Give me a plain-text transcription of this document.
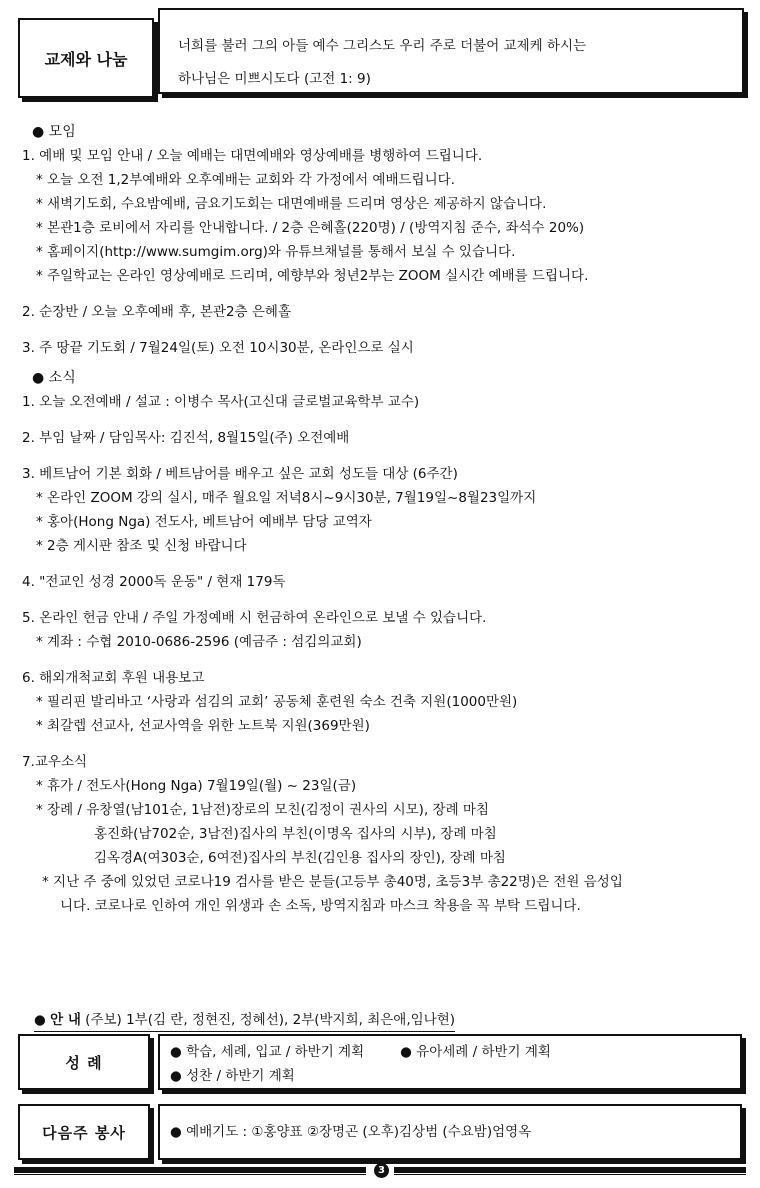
교제와 나눔
너희를 불러 그의 아들 예수 그리스도 우리 주로 더불어 교제케 하시는
하나님은 미쁘시도다 (고전 1: 9)
● 모임
1. 예배 및 모임 안내 / 오늘 예배는 대면예배와 영상예배를 병행하여 드립니다.
* 오늘 오전 1,2부예배와 오후예배는 교회와 각 가정에서 예배드립니다.
* 새벽기도회, 수요밤예배, 금요기도회는 대면예배를 드리며 영상은 제공하지 않습니다.
* 본관1층 로비에서 자리를 안내합니다. / 2층 은혜홀(220명) / (방역지침 준수, 좌석수 20%)
* 홈페이지(http://www.sumgim.org)와 유튜브채널를 통해서 보실 수 있습니다.
* 주일학교는 온라인 영상예배로 드리며, 예향부와 청년2부는 ZOOM 실시간 예배를 드립니다.
2. 순장반 / 오늘 오후예배 후, 본관2층 은혜홀
3. 주 땅끝 기도회 / 7월24일(토) 오전 10시30분, 온라인으로 실시
● 소식
1. 오늘 오전예배 / 설교 : 이병수 목사(고신대 글로벌교육학부 교수)
2. 부임 날짜 / 담임목사: 김진석, 8월15일(주) 오전예배
3. 베트남어 기본 회화 / 베트남어를 배우고 싶은 교회 성도들 대상 (6주간)
* 온라인 ZOOM 강의 실시, 매주 월요일 저녁8시~9시30분, 7월19일~8월23일까지
* 홍아(Hong Nga) 전도사, 베트남어 예배부 담당 교역자
* 2층 게시판 참조 및 신청 바랍니다
4. "전교인 성경 2000독 운동" / 현재 179독
5. 온라인 헌금 안내 / 주일 가정예배 시 헌금하여 온라인으로 보낼 수 있습니다.
* 계좌 : 수협 2010-0686-2596 (예금주 : 섬김의교회)
6. 해외개척교회 후원 내용보고
* 필리핀 발리바고 ‘사랑과 섬김의 교회’ 공동체 훈련원 숙소 건축 지원(1000만원)
* 최갈렙 선교사, 선교사역을 위한 노트북 지원(369만원)
7.교우소식
* 휴가 / 전도사(Hong Nga) 7월19일(월) ~ 23일(금)
* 장례 / 유창열(남101순, 1남전)장로의 모친(김정이 권사의 시모), 장례 마침
홍진화(남702순, 3남전)집사의 부친(이명옥 집사의 시부), 장례 마침
김옥경A(여303순, 6여전)집사의 부친(김인용 집사의 장인), 장례 마침
* 지난 주 중에 있었던 코로나19 검사를 받은 분들(고등부 총40명, 초등3부 총22명)은 전원 음성입
니다. 코로나로 인하여 개인 위생과 손 소독, 방역지침과 마스크 착용을 꼭 부탁 드립니다.
● 안 내 (주보) 1부(김 란, 정현진, 정혜선), 2부(박지희, 최은애,임나현)
성 례
● 학습, 세례, 입교 / 하반기 계획	● 유아세례 / 하반기 계획
● 성찬 / 하반기 계획
다음주 봉사	● 예배기도 : ①홍양표 ②장명곤 (오후)김상범 (수요밤)엄영옥
3
